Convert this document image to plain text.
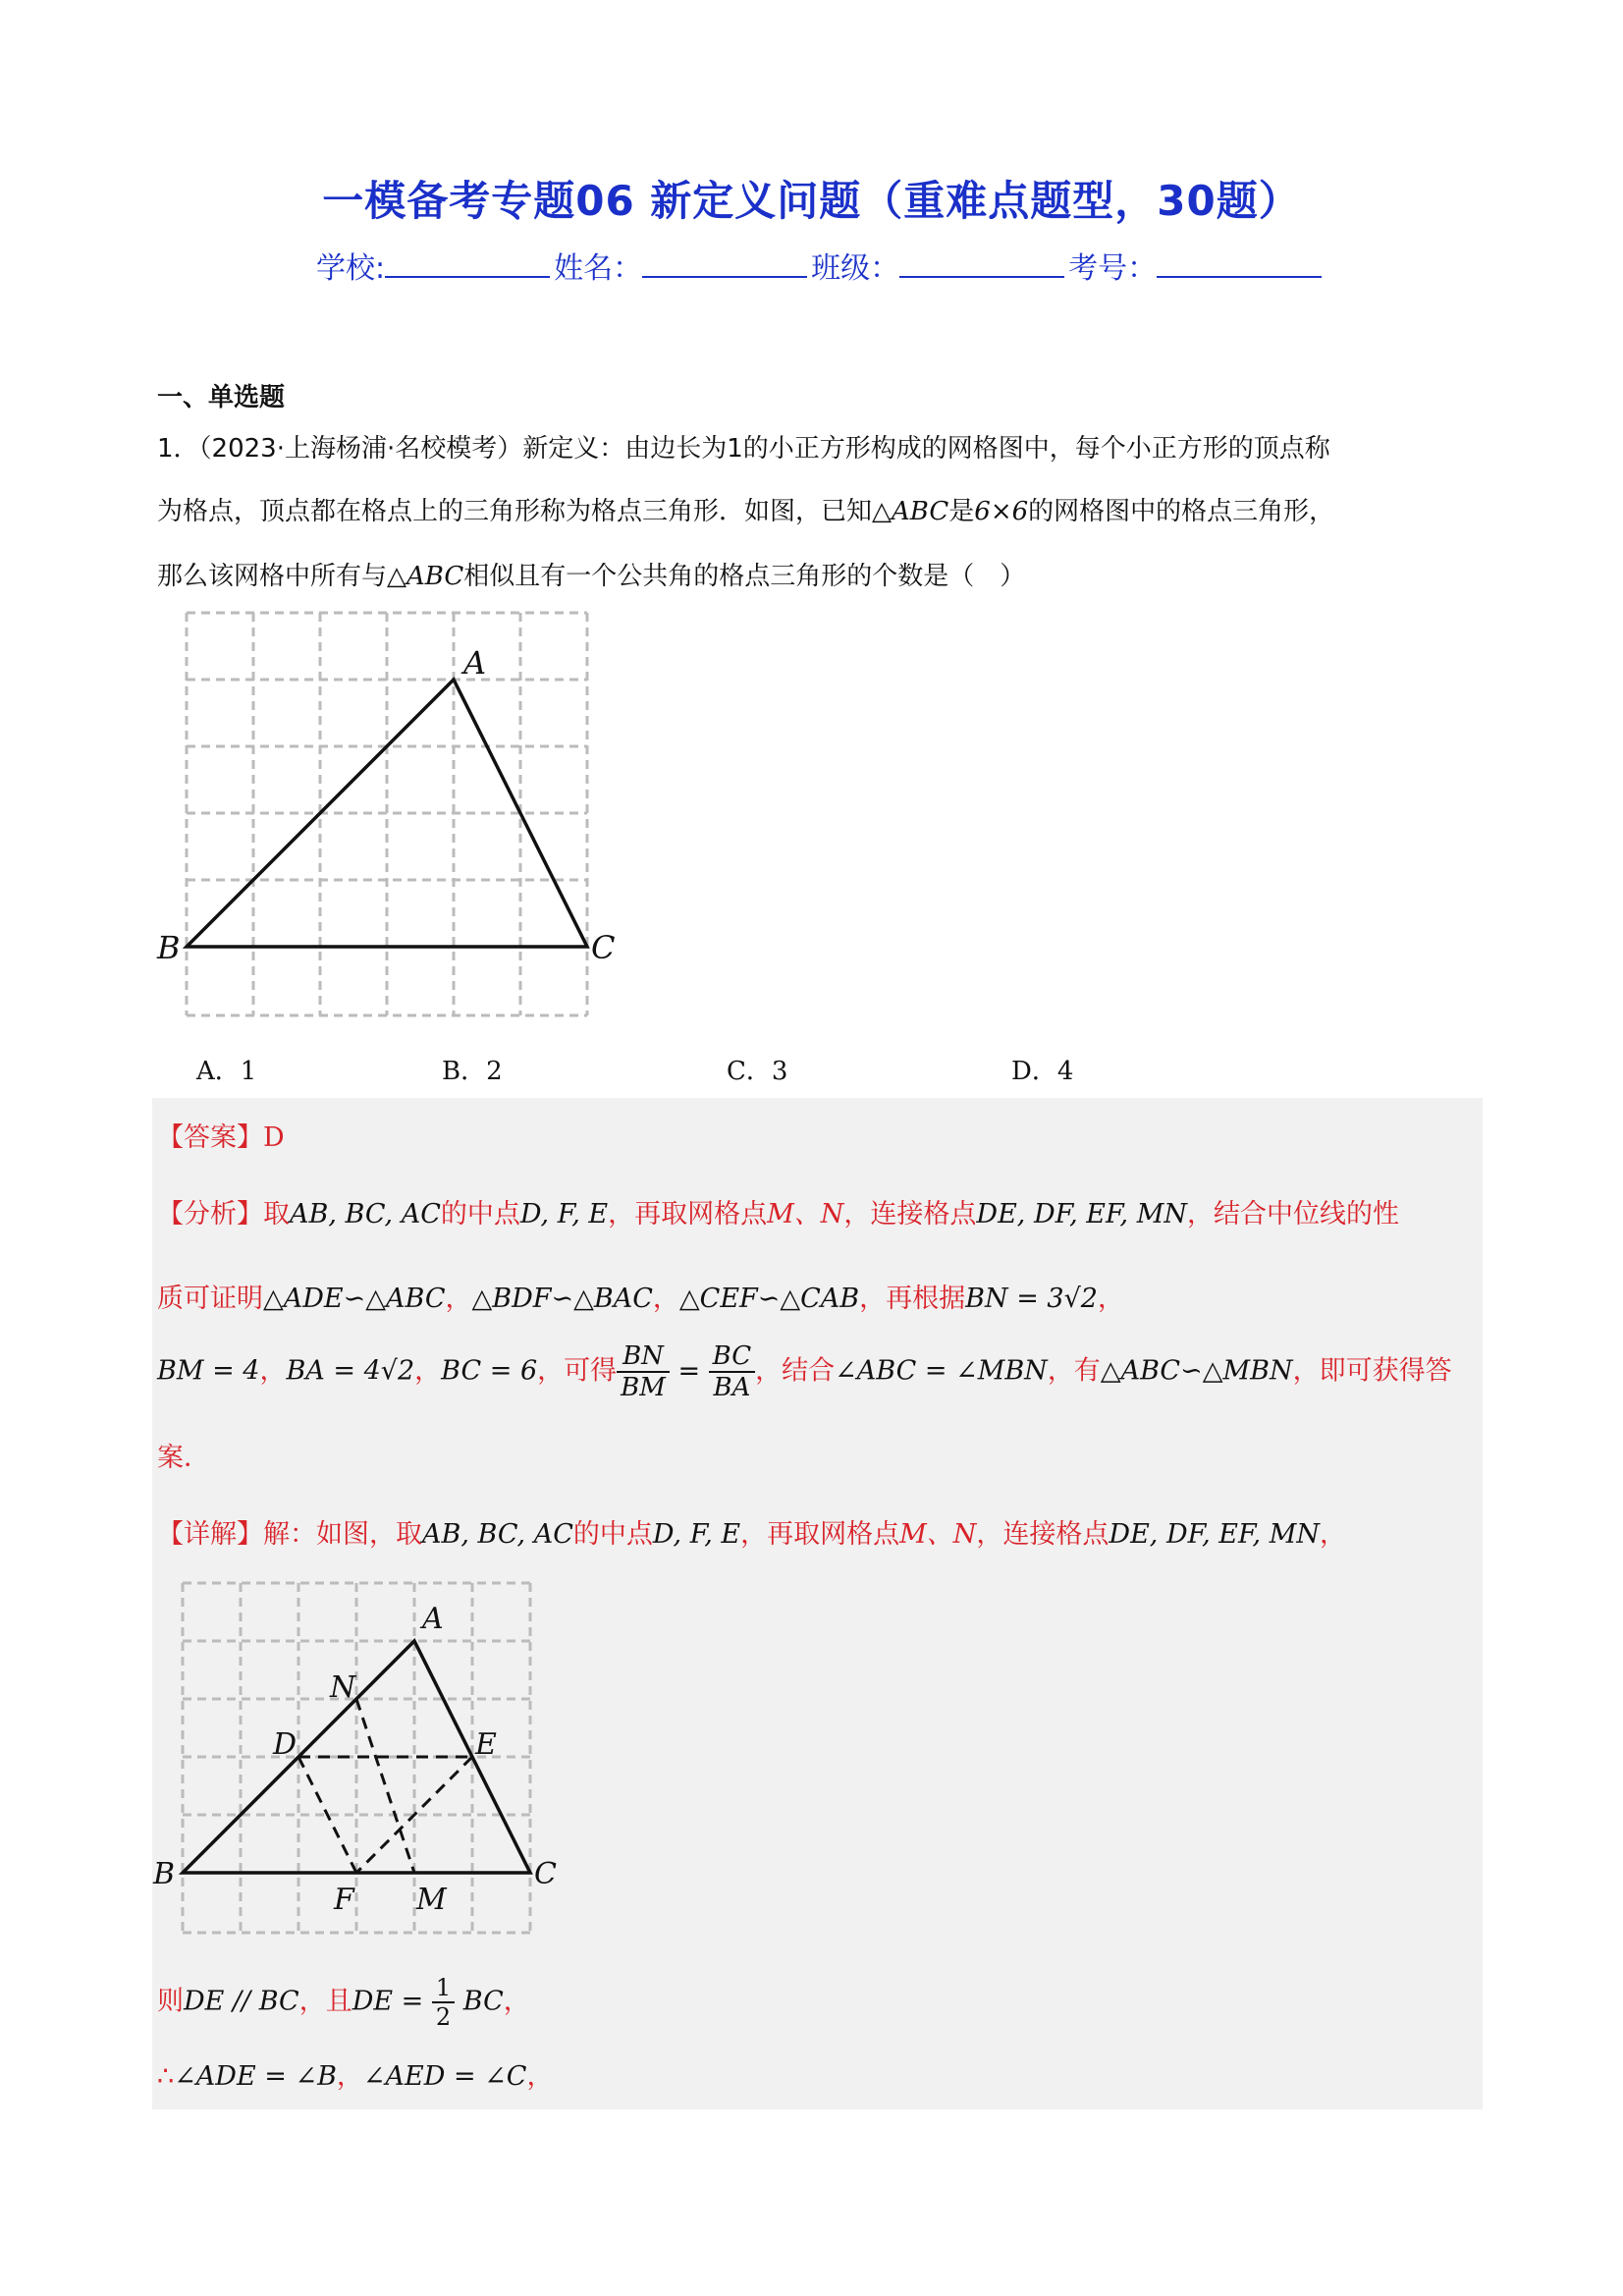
一模备考专题06 新定义问题（重难点题型，30题）
学校:	姓名：	班级：	考号：
一、单选题
1．（2023·上海杨浦·名校模考）新定义：由边长为1的小正方形构成的网格图中，每个小正方形的顶点称
为格点，顶点都在格点上的三角形称为格点三角形．如图，已知△ABC是6×6的网格图中的格点三角形，
那么该网格中所有与△ABC相似且有一个公共角的格点三角形的个数是（　）
A
B	C
A．1	B．2	C．3	D．4
【答案】D
【分析】取AB, BC, AC的中点D, F, E，再取网格点M、N，连接格点DE, DF, EF, MN，结合中位线的性
质可证明△ADE∽△ABC，△BDF∽△BAC，△CEF∽△CAB，再根据BN = 3√2，
BM = 4，BA = 4√2，BC = 6，可得 $\frac{BN}{BM} = \frac{BC}{BA}$ ，结合∠ABC = ∠MBN，有△ABC∽△MBN，即可获得答
案．
【详解】解：如图，取AB, BC, AC的中点D, F, E，再取网格点M、N，连接格点DE, DF, EF, MN，
A
B	C
D	E
F M
N
则DE // BC，且DE = $\frac{1}{2}$ BC，
∴∠ADE = ∠B，∠AED = ∠C，
